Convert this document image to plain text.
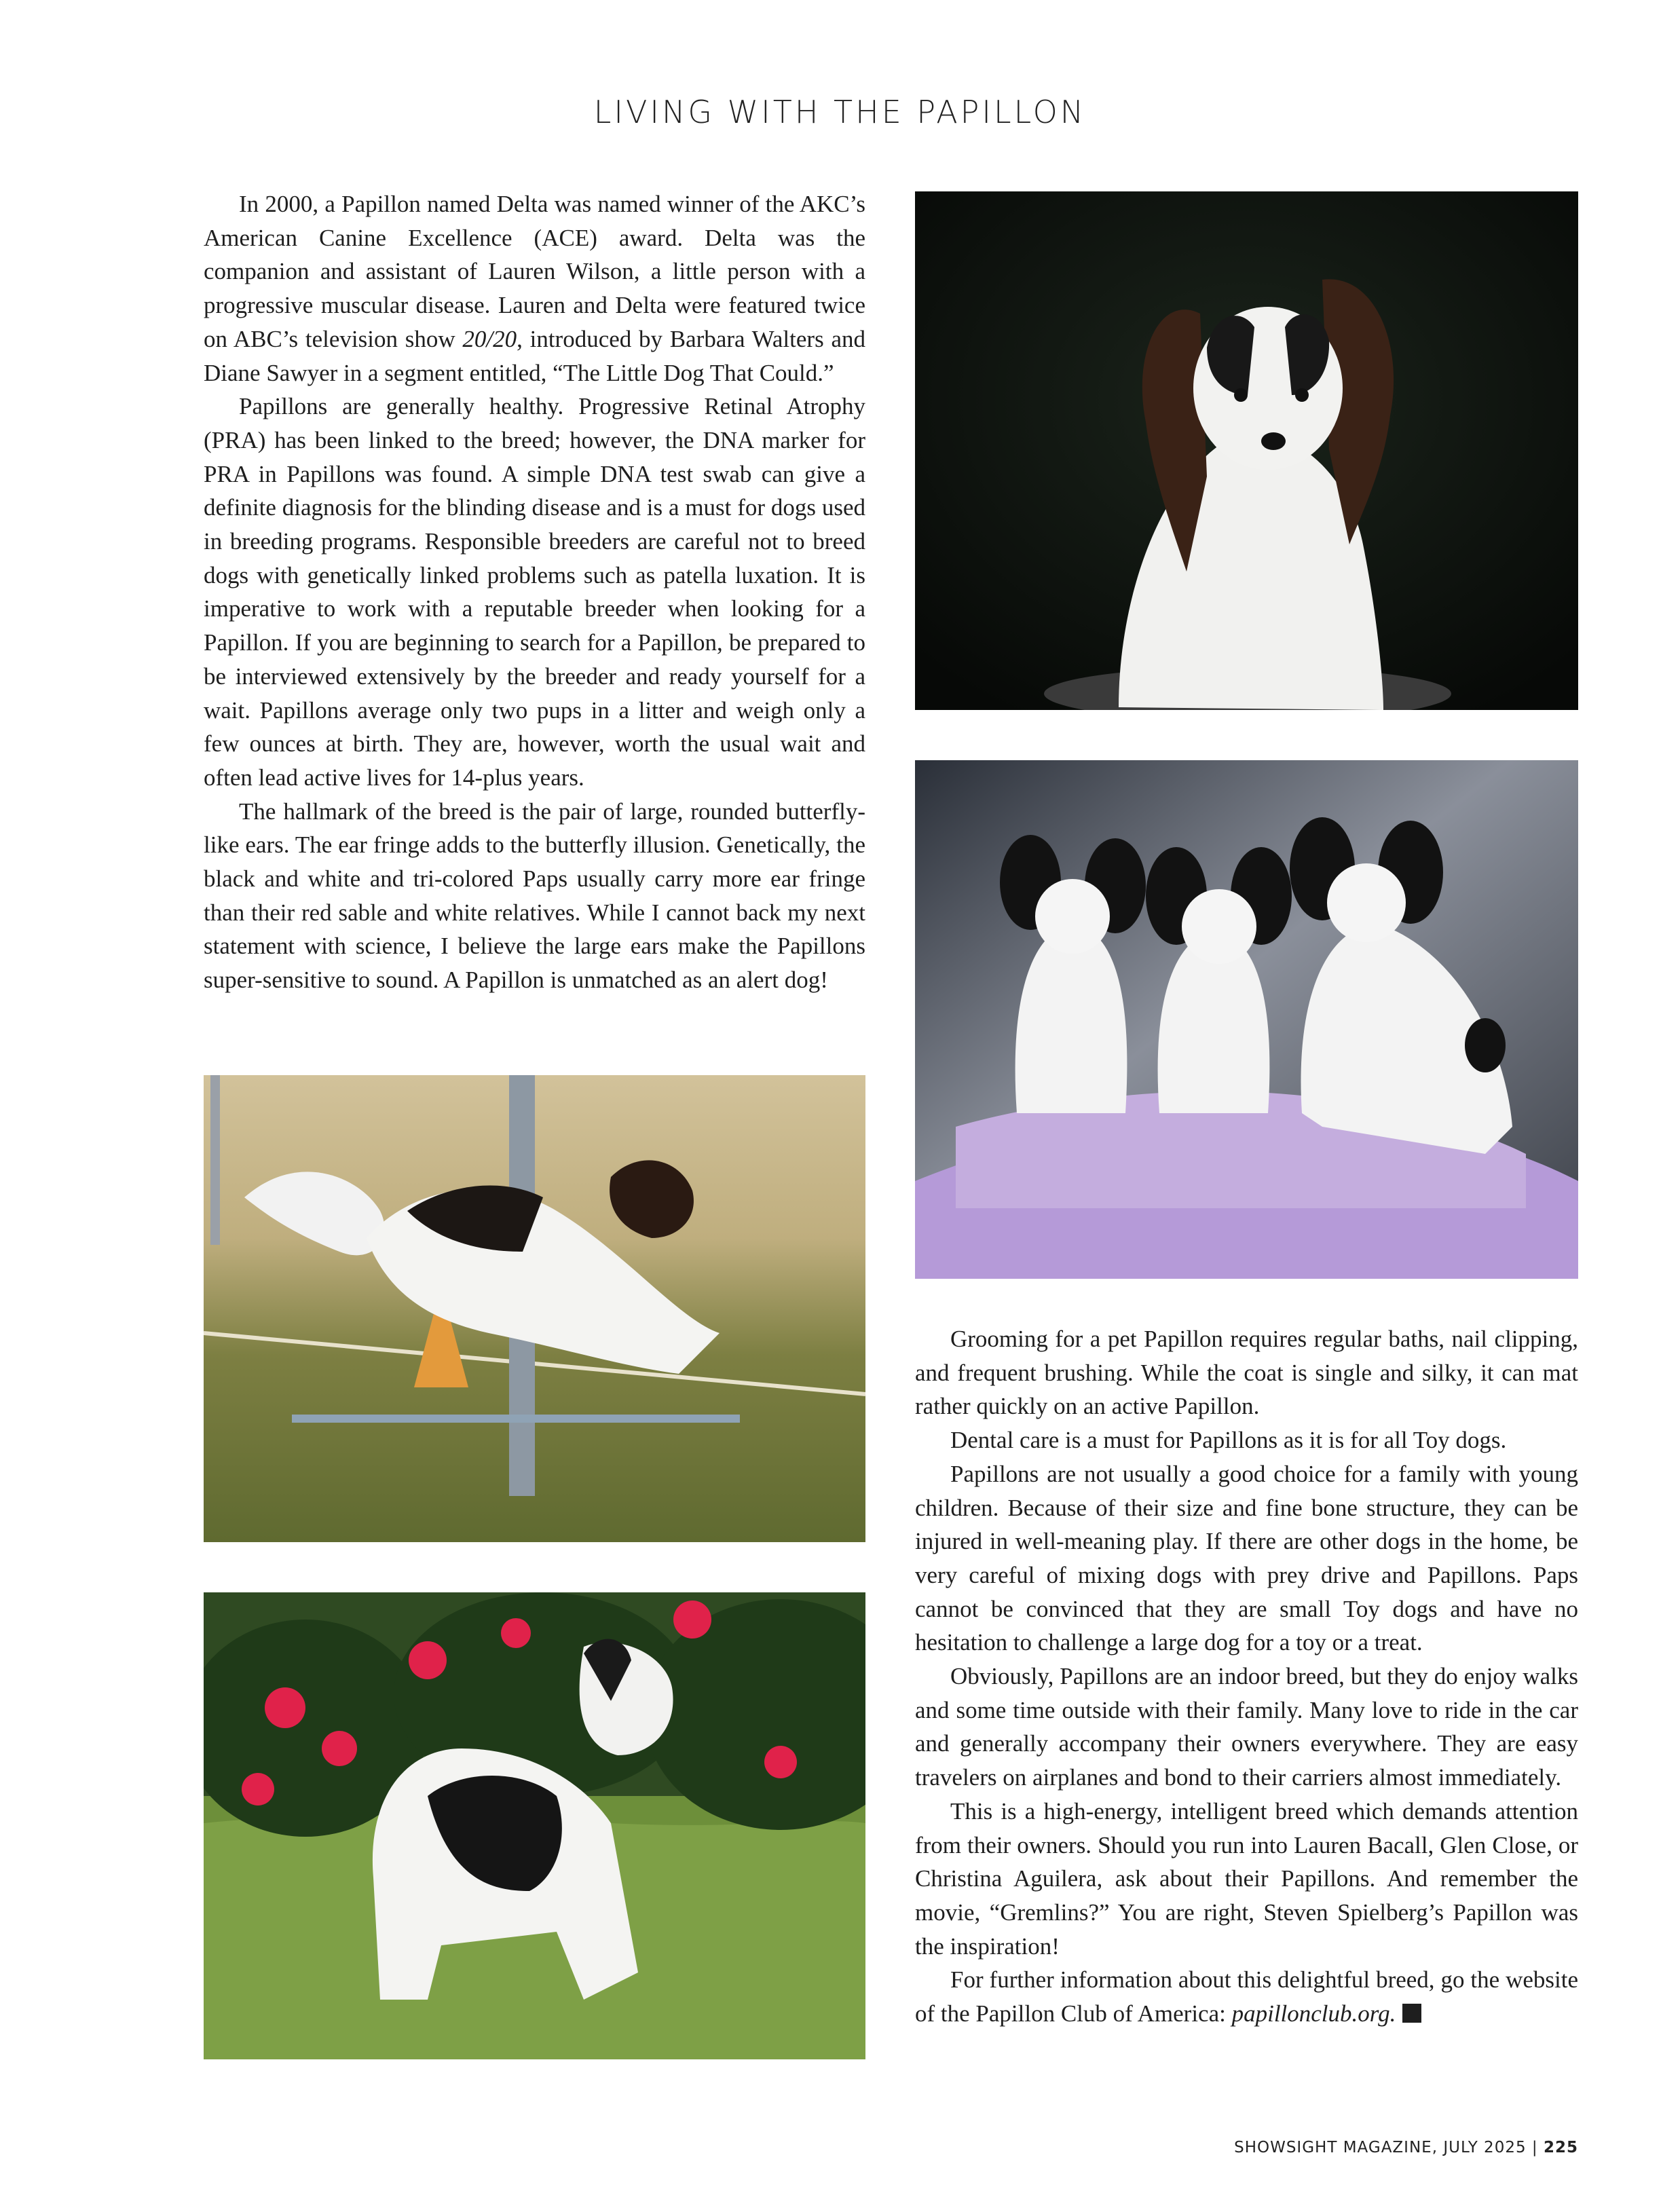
LIVING WITH THE PAPILLON

In 2000, a Papillon named Delta was named winner of the AKC’s American Canine Excellence (ACE) award. Delta was the companion and assistant of Lauren Wilson, a little person with a progressive muscular disease. Lauren and Delta were featured twice on ABC’s television show 20/20, introduced by Barbara Walters and Diane Sawyer in a segment entitled, “The Little Dog That Could.”

Papillons are generally healthy. Progressive Retinal Atrophy (PRA) has been linked to the breed; however, the DNA marker for PRA in Papillons was found. A simple DNA test swab can give a definite diagnosis for the blinding disease and is a must for dogs used in breeding programs. Responsible breeders are careful not to breed dogs with genetically linked problems such as patella luxation. It is imperative to work with a reputable breeder when looking for a Papillon. If you are beginning to search for a Papillon, be prepared to be interviewed extensively by the breeder and ready yourself for a wait. Papillons average only two pups in a litter and weigh only a few ounces at birth. They are, however, worth the usual wait and often lead active lives for 14-plus years.

The hallmark of the breed is the pair of large, rounded butterfly-like ears. The ear fringe adds to the butterfly illusion. Genetically, the black and white and tri-colored Paps usually carry more ear fringe than their red sable and white relatives. While I cannot back my next statement with science, I believe the large ears make the Papillons super-sensitive to sound. A Papillon is unmatched as an alert dog!

Grooming for a pet Papillon requires regular baths, nail clipping, and frequent brushing. While the coat is single and silky, it can mat rather quickly on an active Papillon.

Dental care is a must for Papillons as it is for all Toy dogs.

Papillons are not usually a good choice for a family with young children. Because of their size and fine bone structure, they can be injured in well-meaning play. If there are other dogs in the home, be very careful of mixing dogs with prey drive and Papillons. Paps cannot be convinced that they are small Toy dogs and have no hesitation to challenge a large dog for a toy or a treat.

Obviously, Papillons are an indoor breed, but they do enjoy walks and some time outside with their family. Many love to ride in the car and generally accompany their owners everywhere. They are easy travelers on airplanes and bond to their carriers almost immediately.

This is a high-energy, intelligent breed which demands attention from their owners. Should you run into Lauren Bacall, Glen Close, or Christina Aguilera, ask about their Papillons. And remember the movie, “Gremlins?” You are right, Steven Spielberg’s Papillon was the inspiration!

For further information about this delightful breed, go the website of the Papillon Club of America: papillonclub.org.

SHOWSIGHT MAGAZINE, JULY 2025 | 225
